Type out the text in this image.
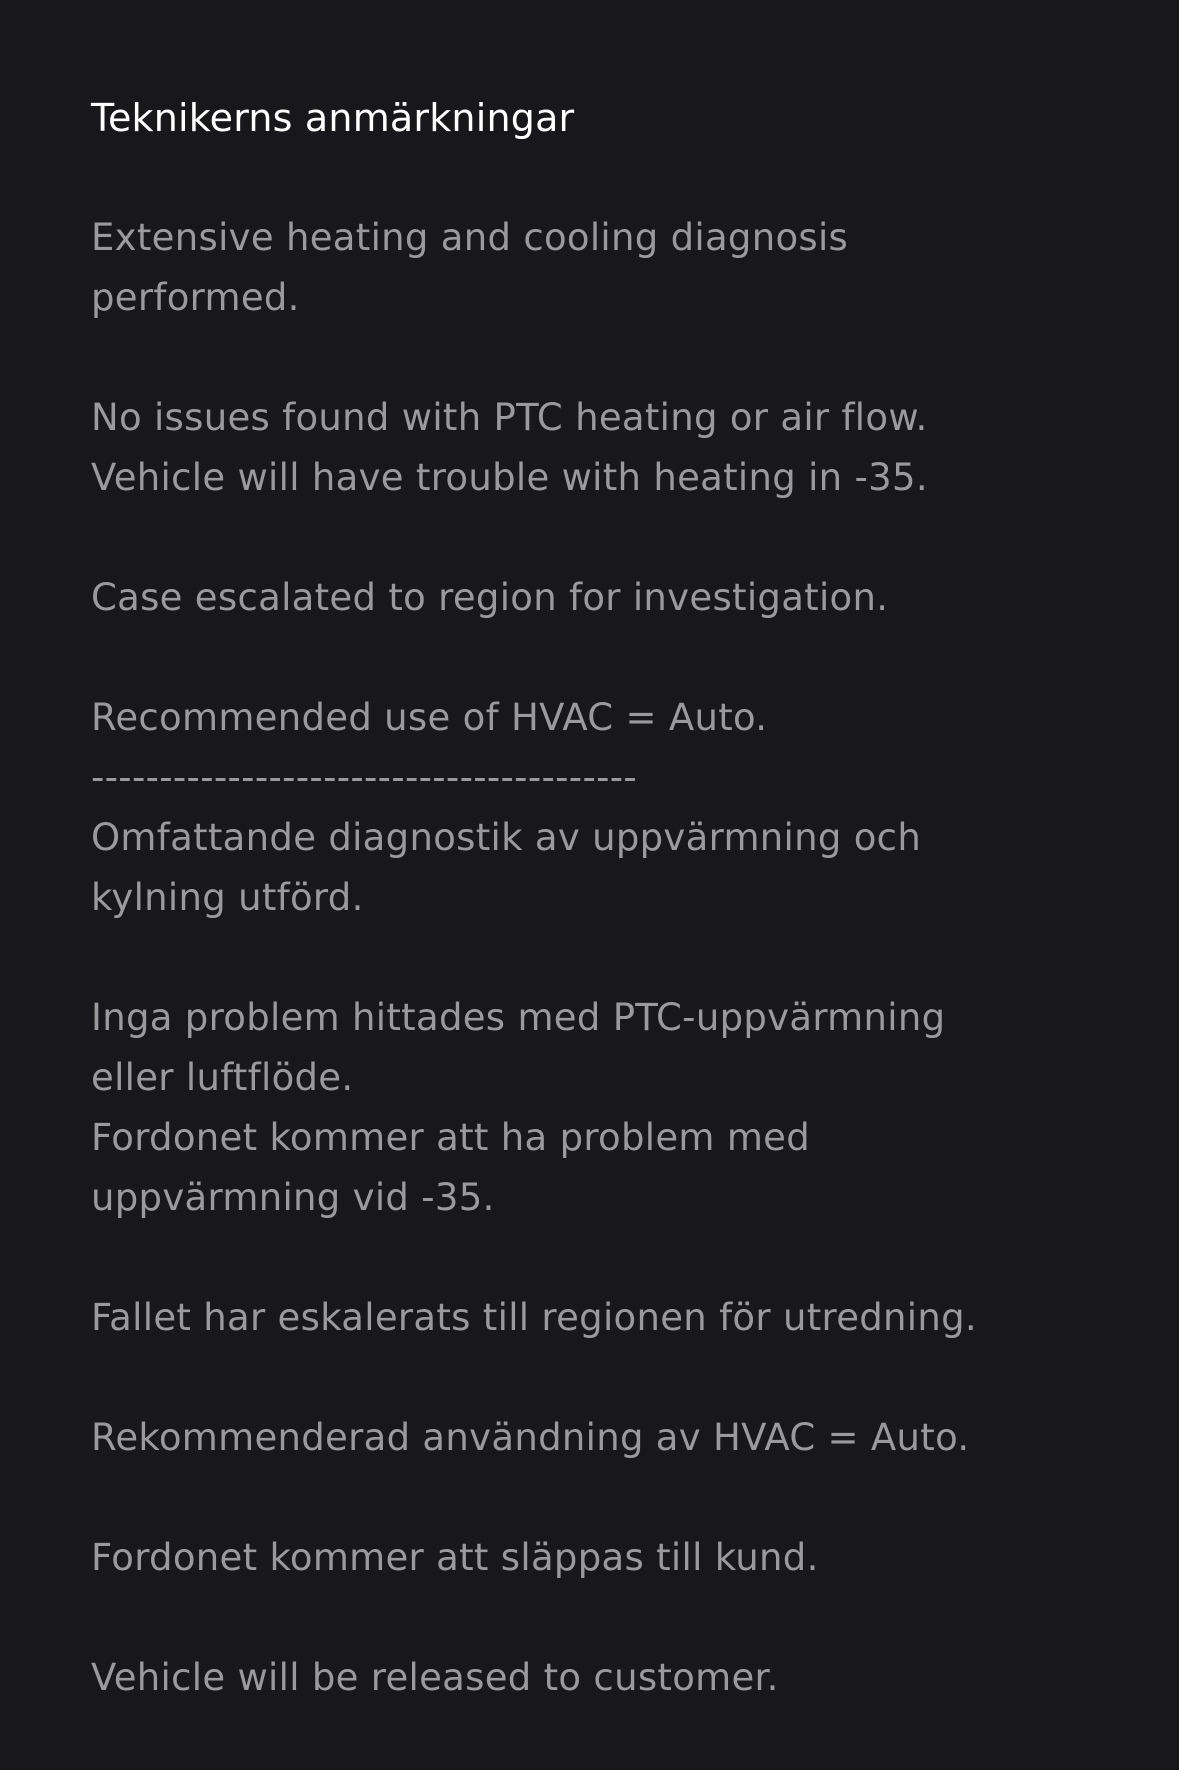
Teknikerns anmärkningar
Extensive heating and cooling diagnosis
performed.
No issues found with PTC heating or air flow.
Vehicle will have trouble with heating in -35.
Case escalated to region for investigation.
Recommended use of HVAC = Auto.
----------------------------------------
Omfattande diagnostik av uppvärmning och
kylning utförd.
Inga problem hittades med PTC-uppvärmning
eller luftflöde.
Fordonet kommer att ha problem med
uppvärmning vid -35.
Fallet har eskalerats till regionen för utredning.
Rekommenderad användning av HVAC = Auto.
Fordonet kommer att släppas till kund.
Vehicle will be released to customer.
